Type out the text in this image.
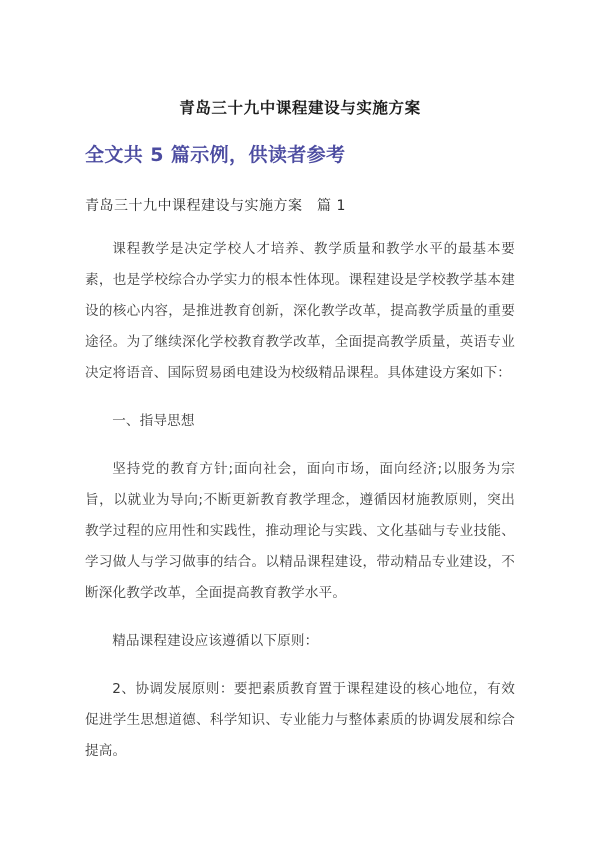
青岛三十九中课程建设与实施方案
全文共 5 篇示例，供读者参考
青岛三十九中课程建设与实施方案　篇 1

课程教学是决定学校人才培养、教学质量和教学水平的最基本要素，也是学校综合办学实力的根本性体现。课程建设是学校教学基本建设的核心内容，是推进教育创新，深化教学改革，提高教学质量的重要途径。为了继续深化学校教育教学改革，全面提高教学质量，英语专业决定将语音、国际贸易函电建设为校级精品课程。具体建设方案如下：

一、指导思想

坚持党的教育方针;面向社会，面向市场，面向经济;以服务为宗旨，以就业为导向;不断更新教育教学理念，遵循因材施教原则，突出教学过程的应用性和实践性，推动理论与实践、文化基础与专业技能、学习做人与学习做事的结合。以精品课程建设，带动精品专业建设，不断深化教学改革，全面提高教育教学水平。

精品课程建设应该遵循以下原则：

2、协调发展原则：要把素质教育置于课程建设的核心地位，有效促进学生思想道德、科学知识、专业能力与整体素质的协调发展和综合提高。
